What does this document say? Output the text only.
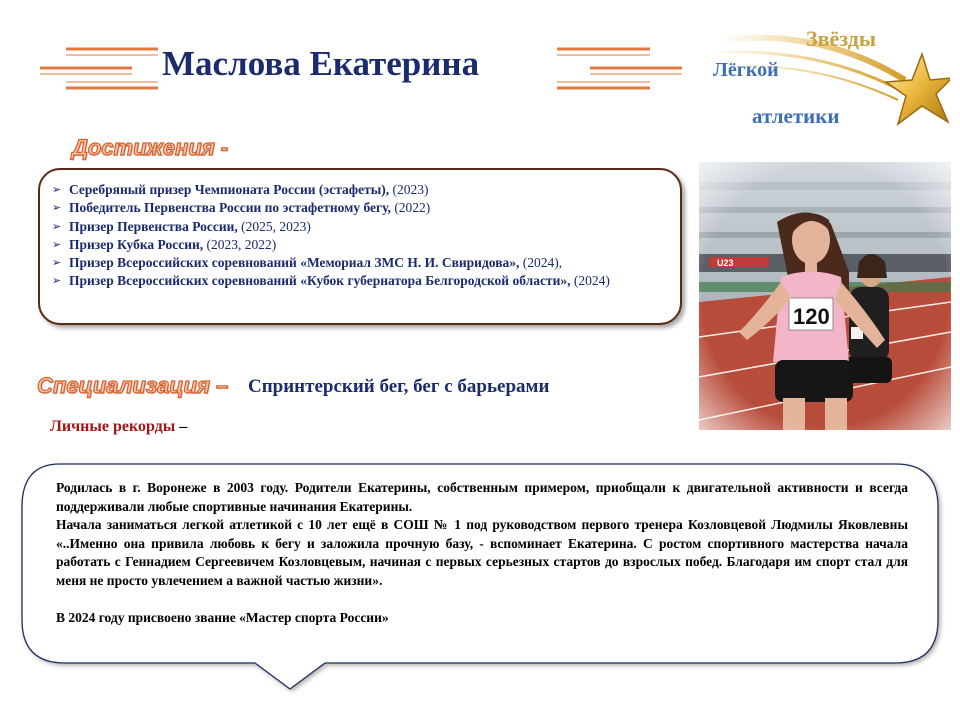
Маслова Екатерина
Звёзды
Лёгкой
атлетики
Достижения -
➢ Серебряный призер Чемпионата России (эстафеты), (2023)
➢ Победитель Первенства России по эстафетному бегу, (2022)
➢ Призер Первенства России, (2025, 2023)
➢ Призер Кубка России, (2023, 2022)
➢ Призер Всероссийских соревнований «Мемориал ЗМС Н. И. Свиридова», (2024),
➢ Призер Всероссийских соревнований «Кубок губернатора Белгородской области», (2024)
Специализация – Спринтерский бег, бег с барьерами
Личные рекорды –

Родилась в г. Воронеже в 2003 году. Родители Екатерины, собственным примером, приобщали к двигательной активности и всегда поддерживали любые спортивные начинания Екатерины.

Начала заниматься легкой атлетикой с 10 лет ещё в СОШ № 1 под руководством первого тренера Козловцевой Людмилы Яковлевны «..Именно она привила любовь к бегу и заложила прочную базу, - вспоминает Екатерина. С ростом спортивного мастерства начала работать с Геннадием Сергеевичем Козловцевым, начиная с первых серьезных стартов до взрослых побед. Благодаря им спорт стал для меня не просто увлечением а важной частью жизни».

В 2024 году присвоено звание «Мастер спорта России»
